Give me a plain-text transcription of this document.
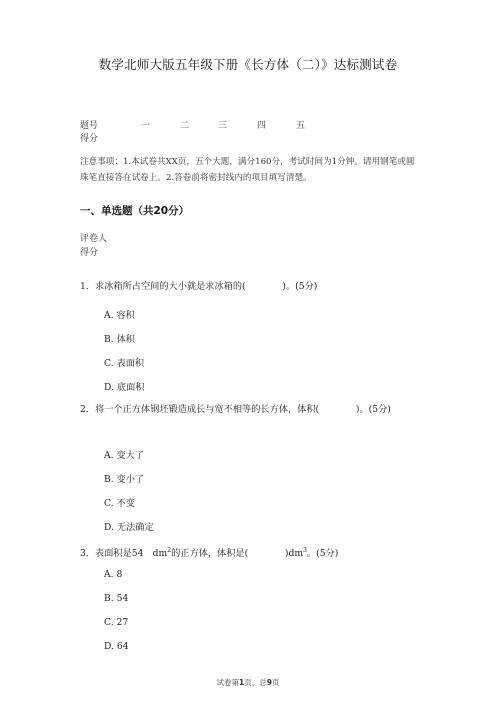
数学北师大版五年级下册《长方体（二）》达标测试卷
题号	一	二	三	四	五
得分
注意事项：1.本试卷共XX页，五个大题，满分160分，考试时间为1分钟。请用钢笔或圆珠笔直接答在试卷上。2.答卷前将密封线内的项目填写清楚。
一、单选题（共20分）
评卷人
得分
1．求冰箱所占空间的大小就是求冰箱的(　　　　)。(5分)
A. 容积
B. 体积
C. 表面积
D. 底面积
2．将一个正方体钢坯锻造成长与宽不相等的长方体，体积(　　　　)。(5分)
A. 变大了
B. 变小了
C. 不变
D. 无法确定
3．表面积是54　$dm^2$的正方体，体积是(　　　　)$dm^3$。(5分)
A. 8
B. 54
C. 27
D. 64
试卷第1页，总9页
